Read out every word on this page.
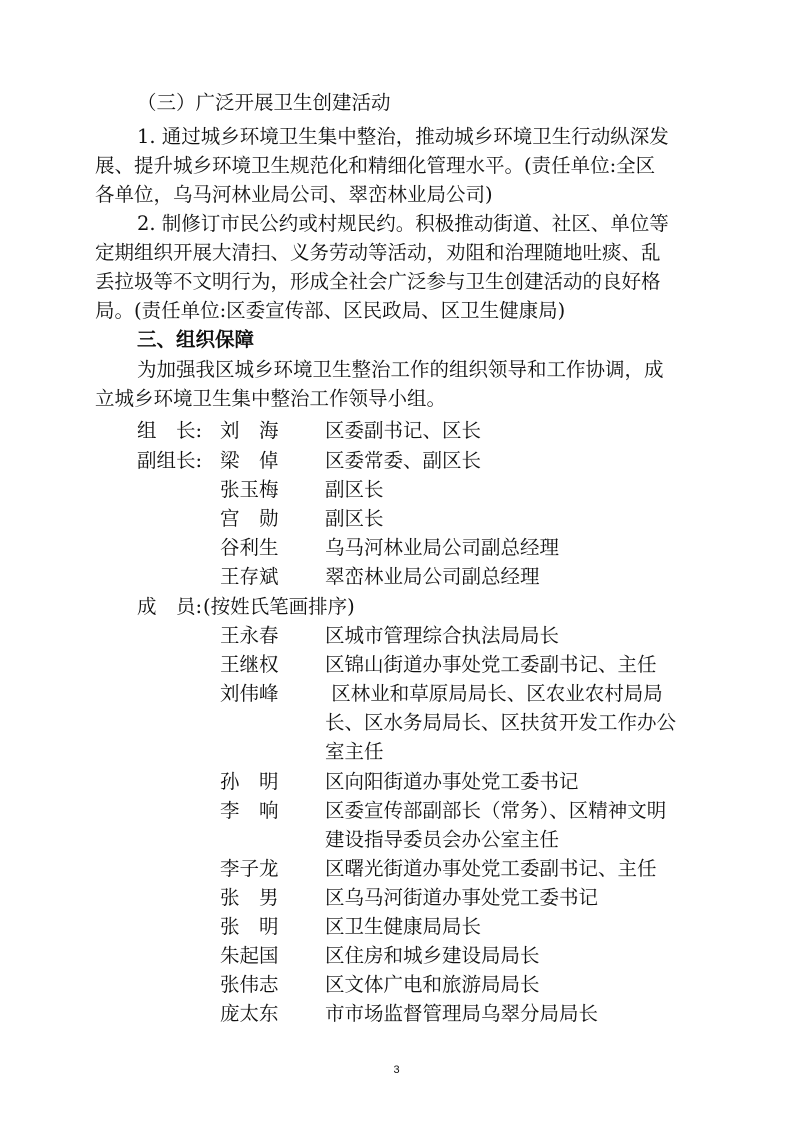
（三）广泛开展卫生创建活动
1. 通过城乡环境卫生集中整治，推动城乡环境卫生行动纵深发
展、提升城乡环境卫生规范化和精细化管理水平。(责任单位:全区
各单位，乌马河林业局公司、翠峦林业局公司)
2. 制修订市民公约或村规民约。积极推动街道、社区、单位等
定期组织开展大清扫、义务劳动等活动，劝阻和治理随地吐痰、乱
丢拉圾等不文明行为，形成全社会广泛参与卫生创建活动的良好格
局。(责任单位:区委宣传部、区民政局、区卫生健康局)
三、组织保障
为加强我区城乡环境卫生整治工作的组织领导和工作协调，成
立城乡环境卫生集中整治工作领导小组。
组　长: 刘　海	区委副书记、区长
副组长: 梁　倬	区委常委、副区长
张玉梅	副区长
宫　勋	副区长
谷利生	乌马河林业局公司副总经理
王存斌	翠峦林业局公司副总经理
成　员: (按姓氏笔画排序)
王永春	区城市管理综合执法局局长
王继权	区锦山街道办事处党工委副书记、主任
刘伟峰	区林业和草原局局长、区农业农村局局
长、区水务局局长、区扶贫开发工作办公
室主任
孙　明	区向阳街道办事处党工委书记
李　响	区委宣传部副部长（常务）、区精神文明
建设指导委员会办公室主任
李子龙	区曙光街道办事处党工委副书记、主任
张　男	区乌马河街道办事处党工委书记
张　明	区卫生健康局局长
朱起国	区住房和城乡建设局局长
张伟志	区文体广电和旅游局局长
庞太东	市市场监督管理局乌翠分局局长
3
